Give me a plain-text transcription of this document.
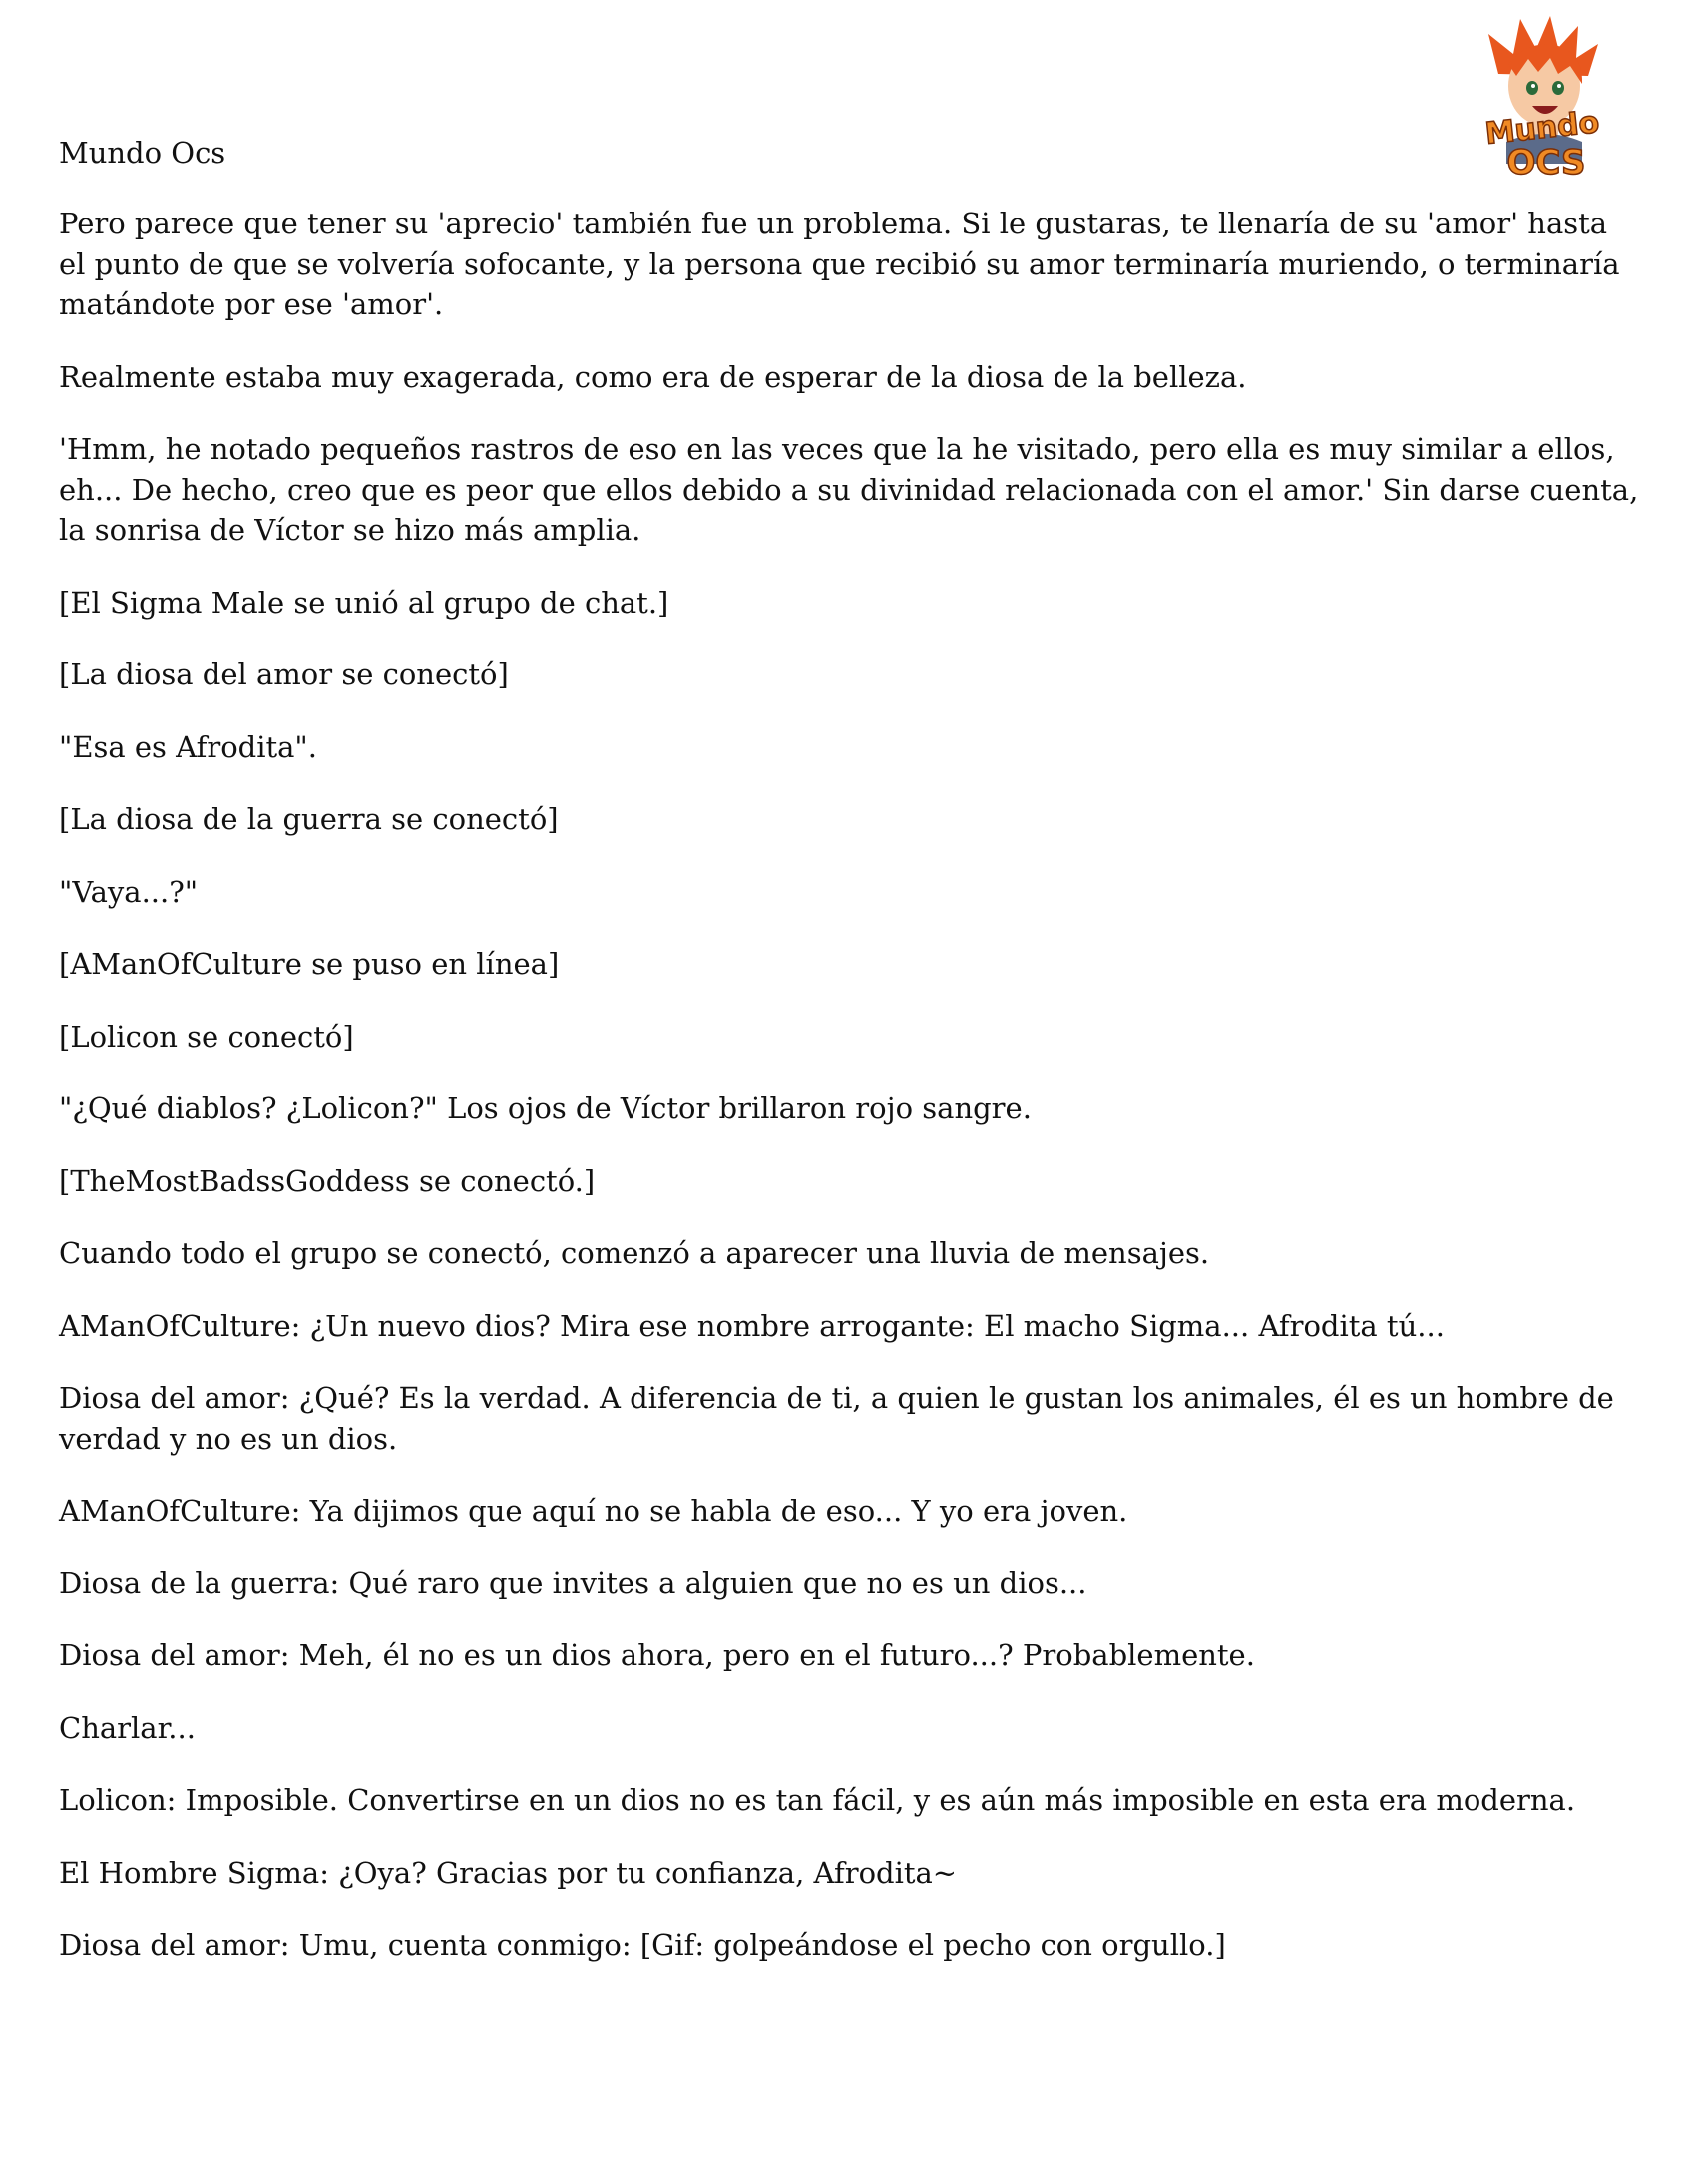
Mundo
OCS
Mundo Ocs

Pero parece que tener su 'aprecio' también fue un problema. Si le gustaras, te llenaría de su 'amor' hasta el punto de que se volvería sofocante, y la persona que recibió su amor terminaría muriendo, o terminaría matándote por ese 'amor'.

Realmente estaba muy exagerada, como era de esperar de la diosa de la belleza.

'Hmm, he notado pequeños rastros de eso en las veces que la he visitado, pero ella es muy similar a ellos, eh... De hecho, creo que es peor que ellos debido a su divinidad relacionada con el amor.' Sin darse cuenta, la sonrisa de Víctor se hizo más amplia.

[El Sigma Male se unió al grupo de chat.]

[La diosa del amor se conectó]

"Esa es Afrodita".

[La diosa de la guerra se conectó]

"Vaya...?"

[AManOfCulture se puso en línea]

[Lolicon se conectó]

"¿Qué diablos? ¿Lolicon?" Los ojos de Víctor brillaron rojo sangre.

[TheMostBadssGoddess se conectó.]

Cuando todo el grupo se conectó, comenzó a aparecer una lluvia de mensajes.

AManOfCulture: ¿Un nuevo dios? Mira ese nombre arrogante: El macho Sigma... Afrodita tú...

Diosa del amor: ¿Qué? Es la verdad. A diferencia de ti, a quien le gustan los animales, él es un hombre de verdad y no es un dios.

AManOfCulture: Ya dijimos que aquí no se habla de eso... Y yo era joven.

Diosa de la guerra: Qué raro que invites a alguien que no es un dios...

Diosa del amor: Meh, él no es un dios ahora, pero en el futuro...? Probablemente.

Charlar...

Lolicon: Imposible. Convertirse en un dios no es tan fácil, y es aún más imposible en esta era moderna.

El Hombre Sigma: ¿Oya? Gracias por tu confianza, Afrodita~

Diosa del amor: Umu, cuenta conmigo: [Gif: golpeándose el pecho con orgullo.]
